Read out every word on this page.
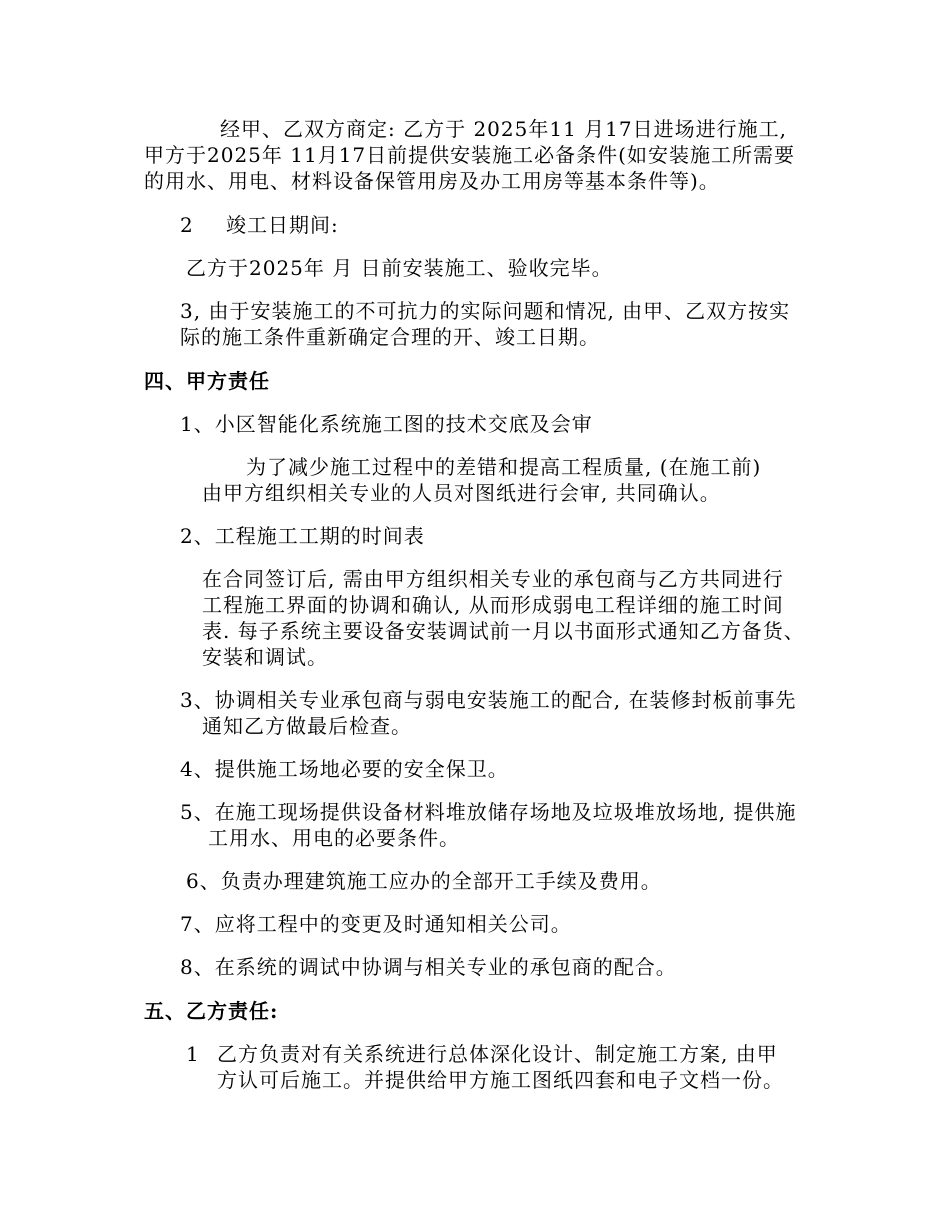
经甲、乙双方商定: 乙方于 2025年11 月17日进场进行施工,
甲方于2025年 11月17日前提供安装施工必备条件(如安装施工所需要
的用水、用电、材料设备保管用房及办工用房等基本条件等)。
2 竣工日期间:
乙方于2025年 月 日前安装施工、验收完毕。
3, 由于安装施工的不可抗力的实际问题和情况, 由甲、乙双方按实
际的施工条件重新确定合理的开、竣工日期。
四、甲方责任
1、小区智能化系统施工图的技术交底及会审
为了减少施工过程中的差错和提高工程质量, (在施工前)
由甲方组织相关专业的人员对图纸进行会审, 共同确认。
2、工程施工工期的时间表
在合同签订后, 需由甲方组织相关专业的承包商与乙方共同进行
工程施工界面的协调和确认, 从而形成弱电工程详细的施工时间
表. 每子系统主要设备安装调试前一月以书面形式通知乙方备货、
安装和调试。
3、协调相关专业承包商与弱电安装施工的配合, 在装修封板前事先
通知乙方做最后检查。
4、提供施工场地必要的安全保卫。
5、在施工现场提供设备材料堆放储存场地及垃圾堆放场地, 提供施
工用水、用电的必要条件。
6、负责办理建筑施工应办的全部开工手续及费用。
7、应将工程中的变更及时通知相关公司。
8、在系统的调试中协调与相关专业的承包商的配合。
五、乙方责任:
1 乙方负责对有关系统进行总体深化设计、制定施工方案, 由甲
方认可后施工。并提供给甲方施工图纸四套和电子文档一份。
